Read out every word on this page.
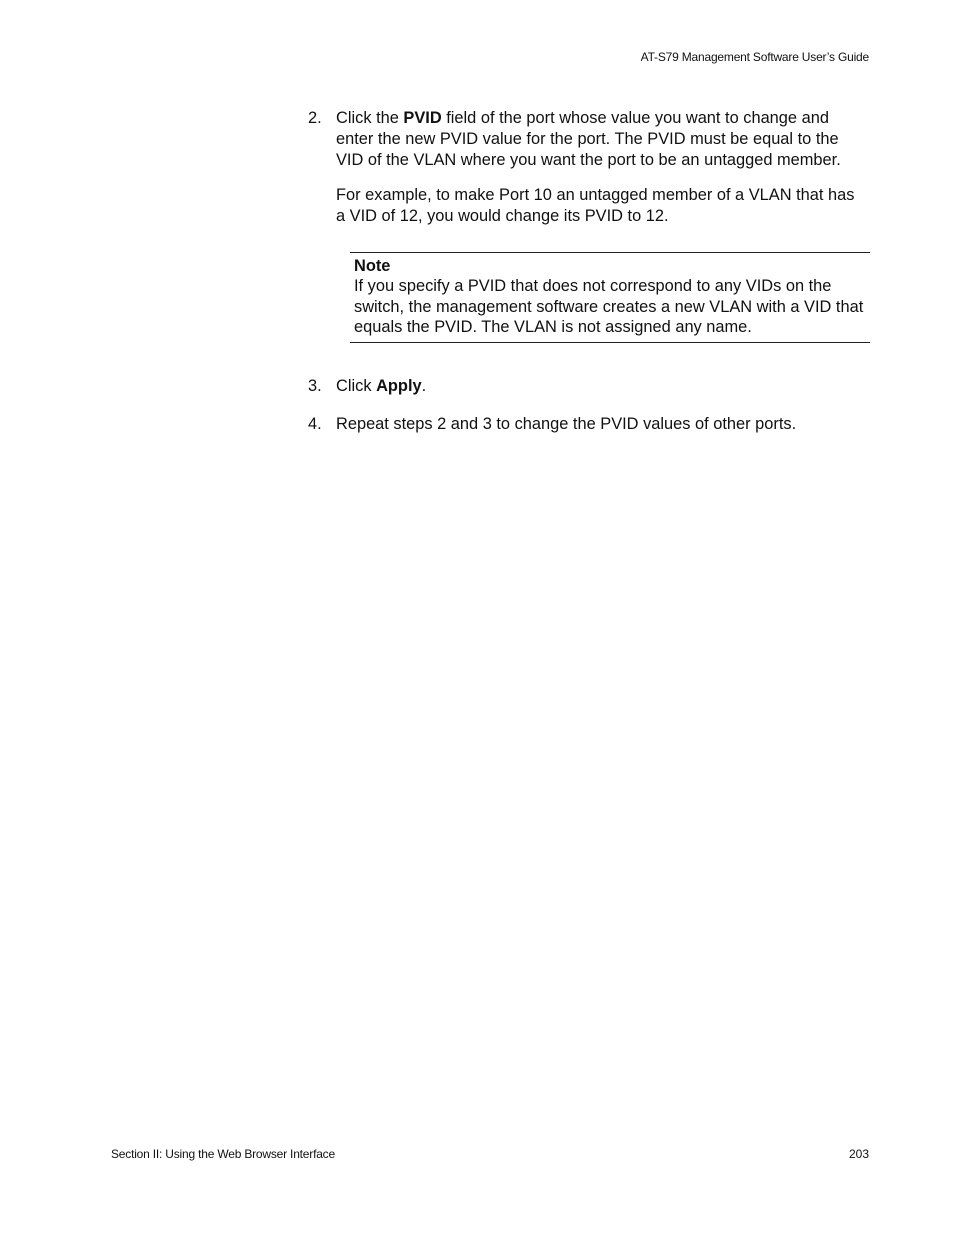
AT-S79 Management Software User’s Guide
2. Click the PVID field of the port whose value you want to change and enter the new PVID value for the port. The PVID must be equal to the VID of the VLAN where you want the port to be an untagged member.

For example, to make Port 10 an untagged member of a VLAN that has a VID of 12, you would change its PVID to 12.

Note
If you specify a PVID that does not correspond to any VIDs on the switch, the management software creates a new VLAN with a VID that equals the PVID. The VLAN is not assigned any name.
3. Click Apply.

4. Repeat steps 2 and 3 to change the PVID values of other ports.

Section II: Using the Web Browser Interface	203
